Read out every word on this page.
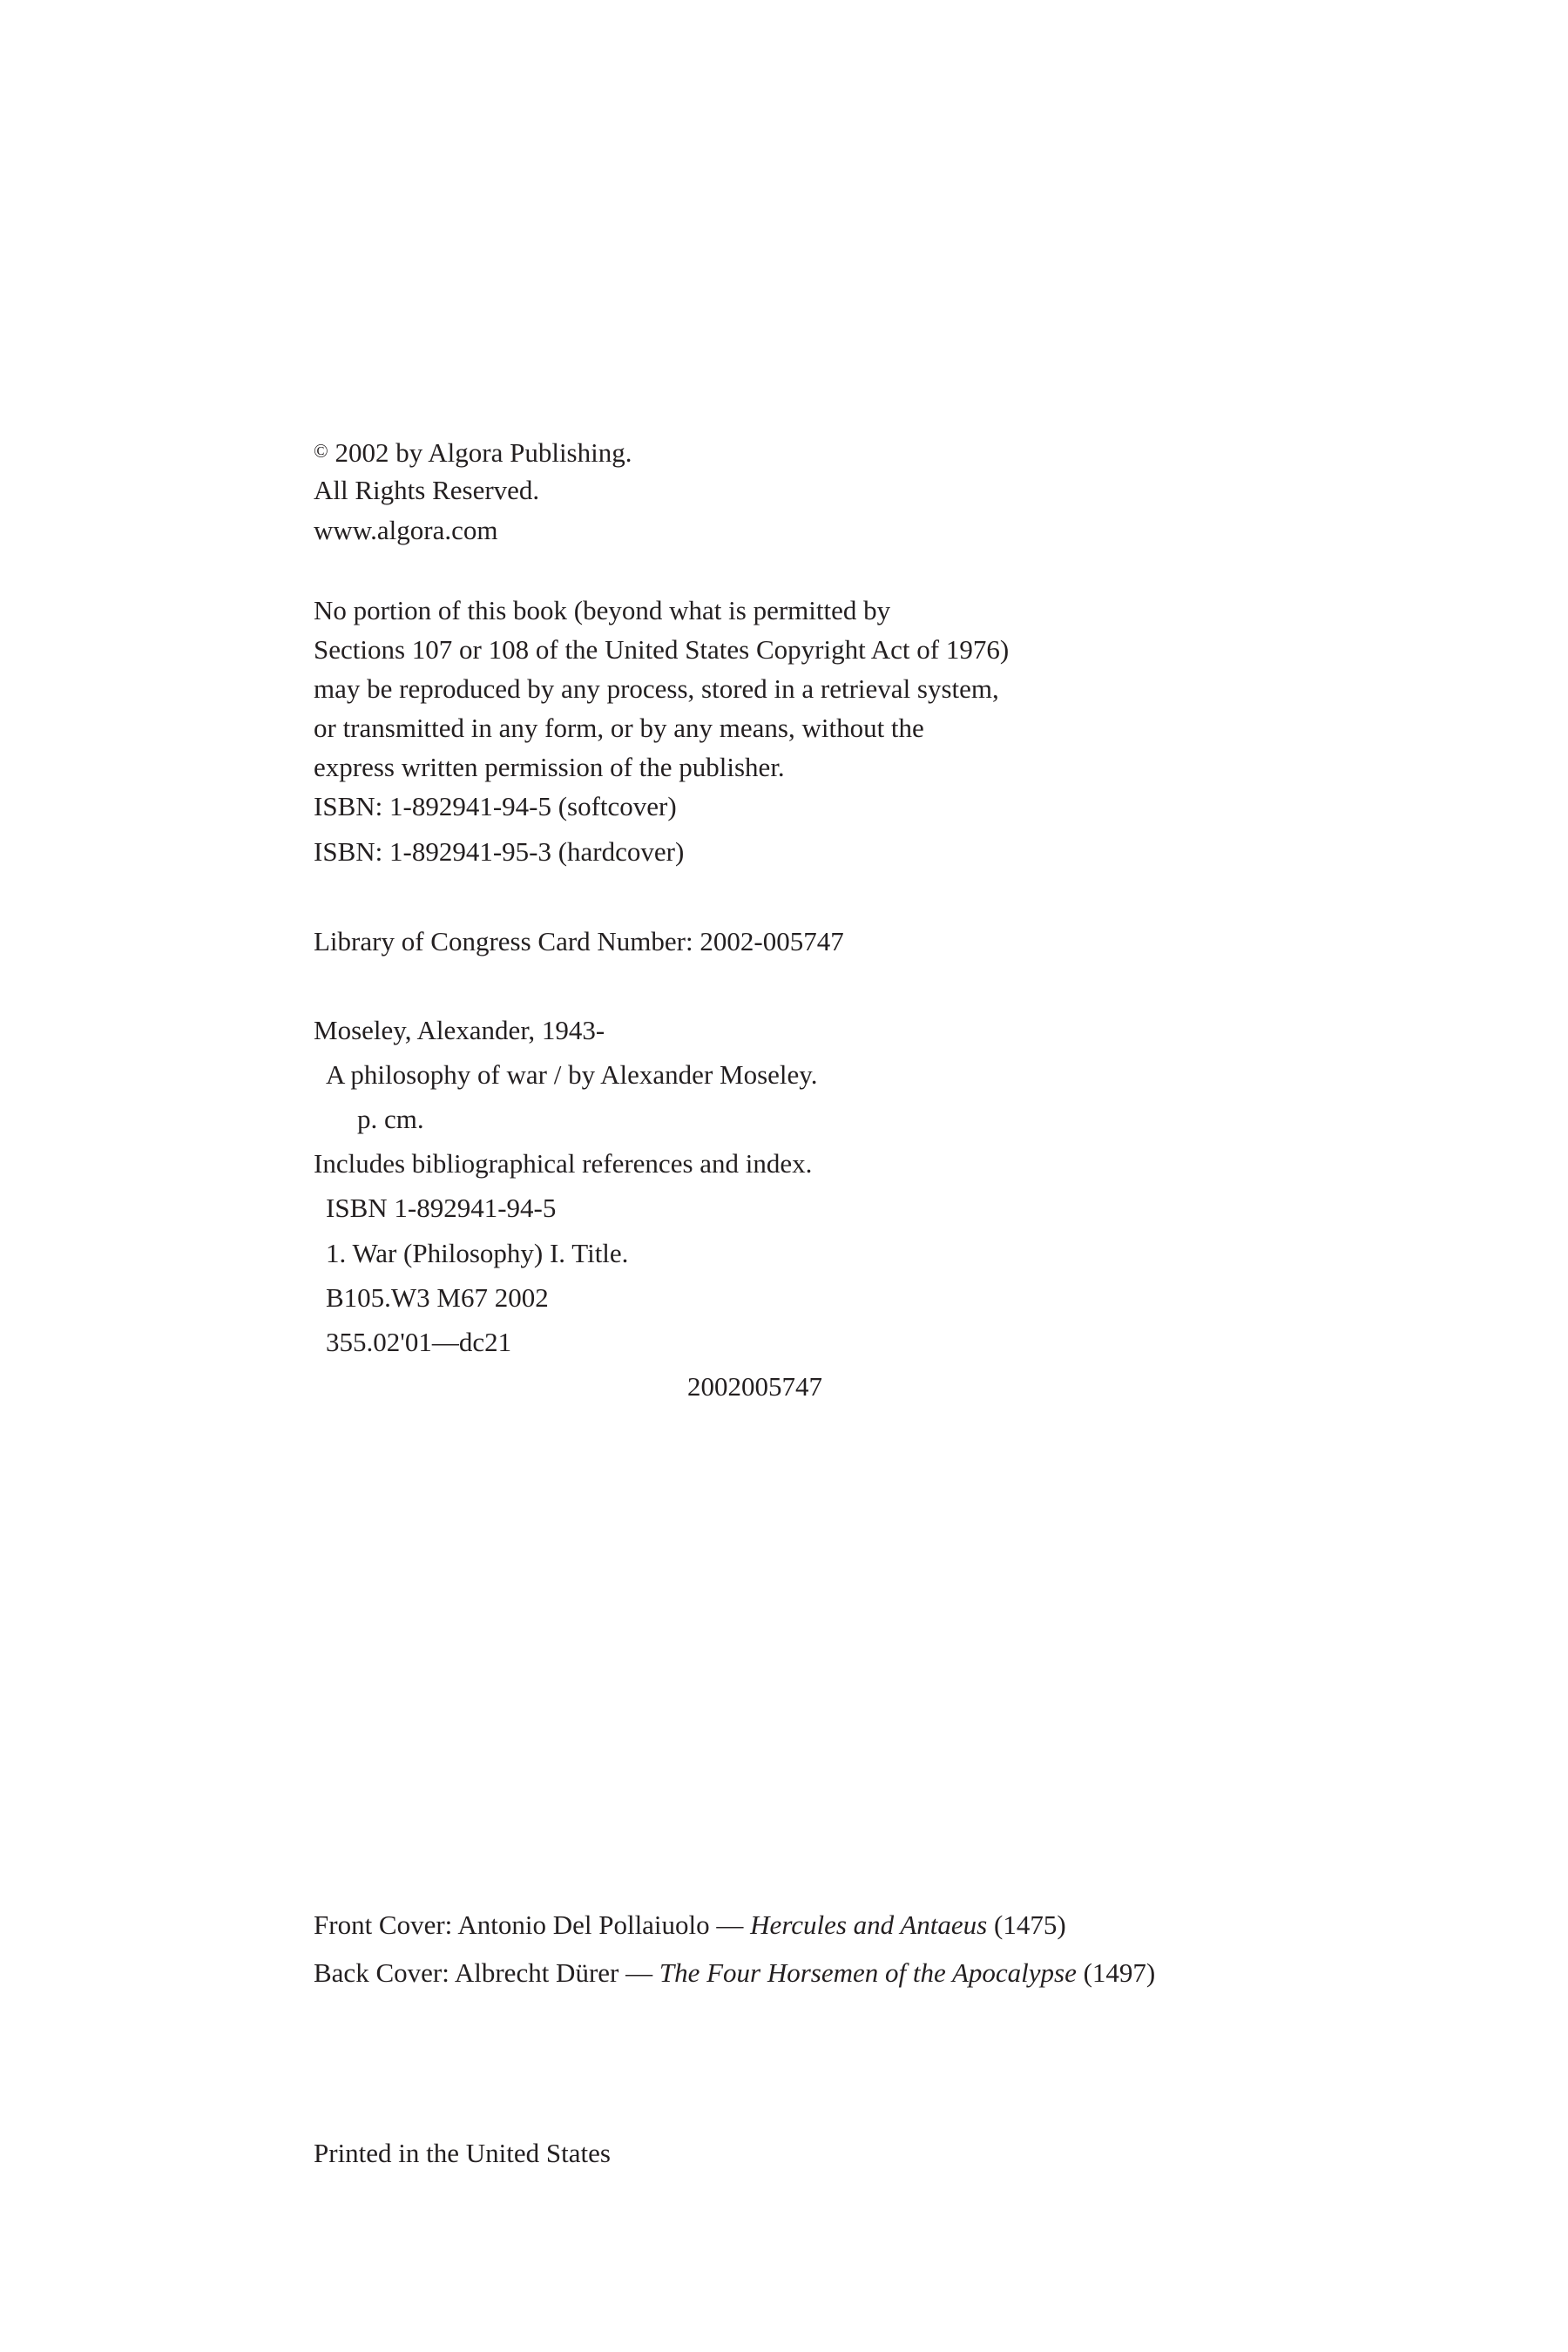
© 2002 by Algora Publishing.
All Rights Reserved.
www.algora.com
No portion of this book (beyond what is permitted by
Sections 107 or 108 of the United States Copyright Act of 1976)
may be reproduced by any process, stored in a retrieval system,
or transmitted in any form, or by any means, without the
express written permission of the publisher.
ISBN: 1-892941-94-5 (softcover)
ISBN: 1-892941-95-3 (hardcover)
Library of Congress Card Number: 2002-005747
Moseley, Alexander, 1943-
A philosophy of war / by Alexander Moseley.
p. cm.
Includes bibliographical references and index.
ISBN 1-892941-94-5
1. War (Philosophy) I. Title.
B105.W3 M67 2002
355.02'01—dc21
2002005747
Front Cover: Antonio Del Pollaiuolo — Hercules and Antaeus (1475)
Back Cover: Albrecht Dürer — The Four Horsemen of the Apocalypse (1497)
Printed in the United States
